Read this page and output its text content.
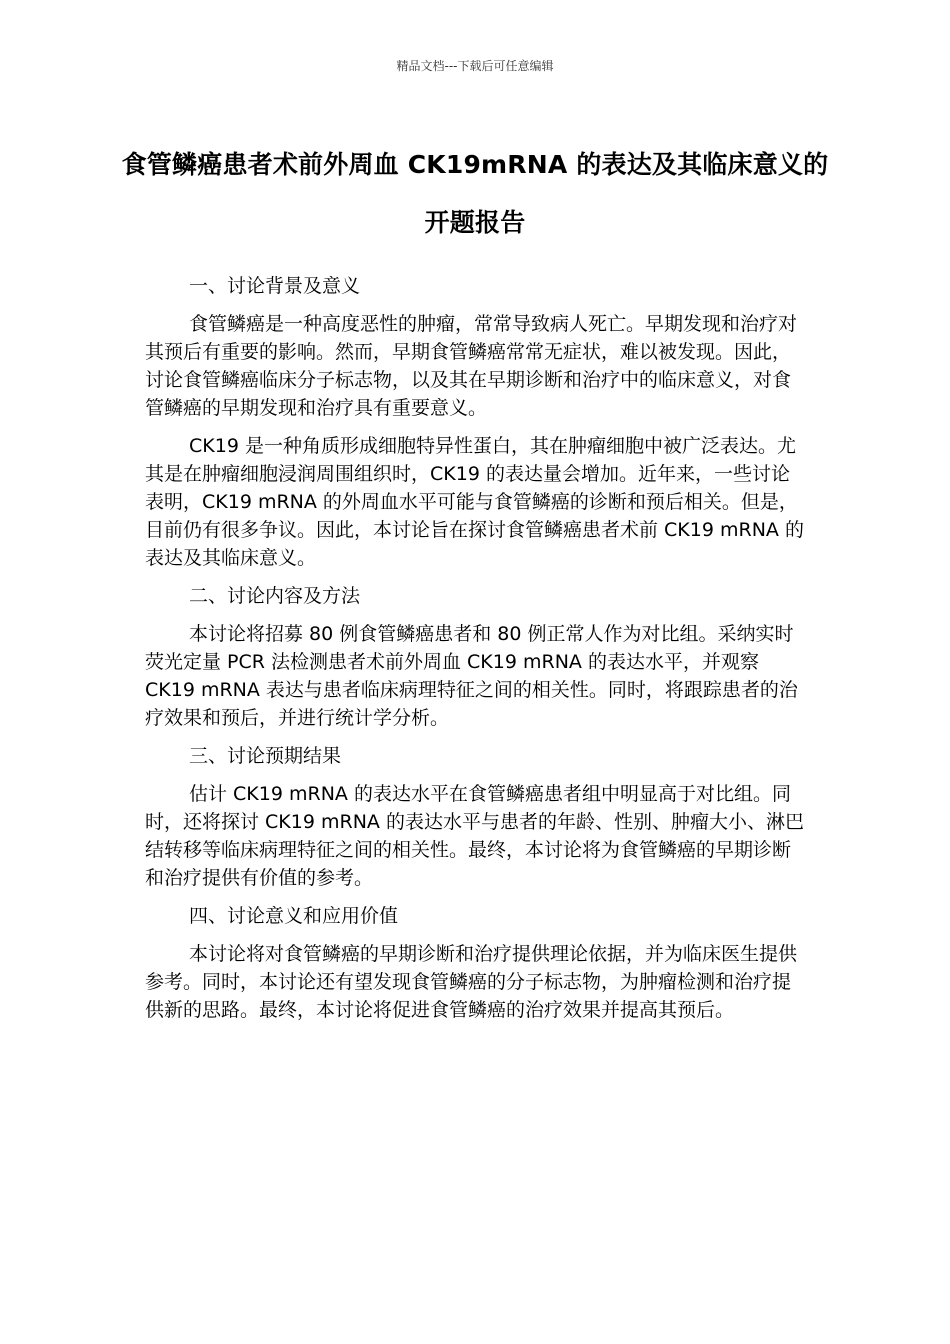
精品文档---下载后可任意编辑
食管鳞癌患者术前外周血 CK19mRNA 的表达及其临床意义的开题报告

一、讨论背景及意义

食管鳞癌是一种高度恶性的肿瘤，常常导致病人死亡。早期发现和治疗对其预后有重要的影响。然而，早期食管鳞癌常常无症状，难以被发现。因此，讨论食管鳞癌临床分子标志物，以及其在早期诊断和治疗中的临床意义，对食管鳞癌的早期发现和治疗具有重要意义。

CK19 是一种角质形成细胞特异性蛋白，其在肿瘤细胞中被广泛表达。尤其是在肿瘤细胞浸润周围组织时，CK19 的表达量会增加。近年来，一些讨论表明，CK19 mRNA 的外周血水平可能与食管鳞癌的诊断和预后相关。但是，目前仍有很多争议。因此，本讨论旨在探讨食管鳞癌患者术前 CK19 mRNA 的表达及其临床意义。

二、讨论内容及方法

本讨论将招募 80 例食管鳞癌患者和 80 例正常人作为对比组。采纳实时荧光定量 PCR 法检测患者术前外周血 CK19 mRNA 的表达水平，并观察 CK19 mRNA 表达与患者临床病理特征之间的相关性。同时，将跟踪患者的治疗效果和预后，并进行统计学分析。

三、讨论预期结果

估计 CK19 mRNA 的表达水平在食管鳞癌患者组中明显高于对比组。同时，还将探讨 CK19 mRNA 的表达水平与患者的年龄、性别、肿瘤大小、淋巴结转移等临床病理特征之间的相关性。最终，本讨论将为食管鳞癌的早期诊断和治疗提供有价值的参考。

四、讨论意义和应用价值

本讨论将对食管鳞癌的早期诊断和治疗提供理论依据，并为临床医生提供参考。同时，本讨论还有望发现食管鳞癌的分子标志物，为肿瘤检测和治疗提供新的思路。最终，本讨论将促进食管鳞癌的治疗效果并提高其预后。
